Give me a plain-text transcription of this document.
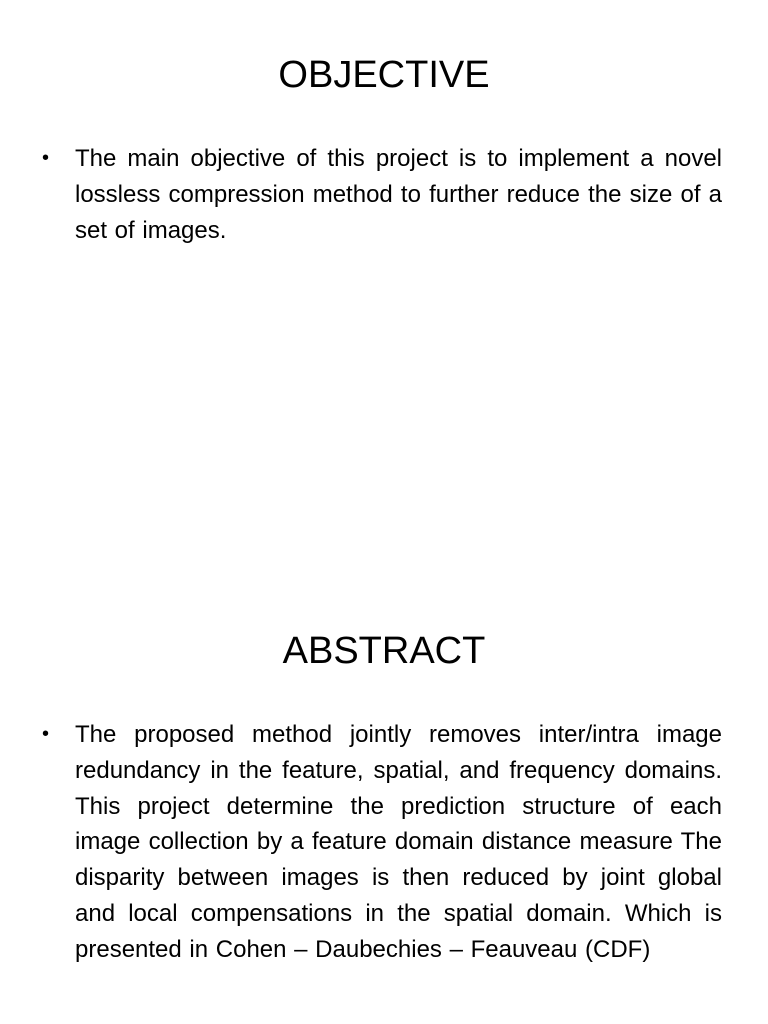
OBJECTIVE
•	The main objective of this project is to implement a novel lossless compression method to further reduce the size of a set of images.
ABSTRACT
•	The proposed method jointly removes inter/intra image redundancy in the feature, spatial, and frequency domains. This project determine the prediction structure of each image collection by a feature domain distance measure The disparity between images is then reduced by joint global and local compensations in the spatial domain. Which is presented in Cohen – Daubechies – Feauveau (CDF)
